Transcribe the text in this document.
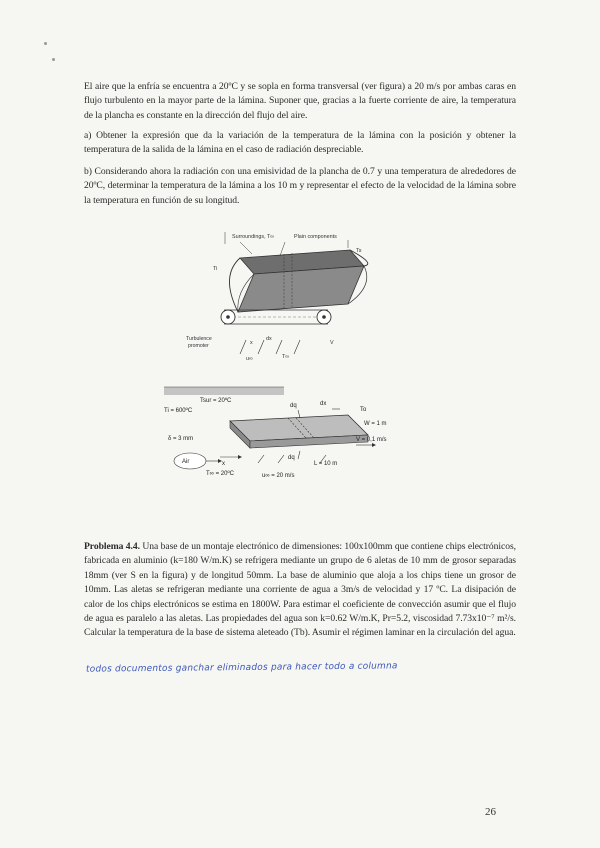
El aire que la enfría se encuentra a 20ºC y se sopla en forma transversal (ver figura) a 20 m/s por ambas caras en flujo turbulento en la mayor parte de la lámina. Suponer que, gracias a la fuerte corriente de aire, la temperatura de la plancha es constante en la dirección del flujo del aire.
a) Obtener la expresión que da la variación de la temperatura de la lámina con la posición y obtener la temperatura de la salida de la lámina en el caso de radiación despreciable.
b) Considerando ahora la radiación con una emisividad de la plancha de 0.7 y una temperatura de alrededores de 20ºC, determinar la temperatura de la lámina a los 10 m y representar el efecto de la velocidad de la lámina sobre la temperatura en función de su longitud.
Surroundings, T∞	Plain components
Ti
Ts
Turbulence
promoter
dx
x
u∞	T∞
V
Tsur = 20ºC
dq	dx
To
Ti = 600ºC
W = 1 m
δ = 3 mm	V = 0,1 m/s
Air	x
dq
L = 10 m
T∞ = 20ºC	u∞ = 20 m/s
Problema 4.4. Una base de un montaje electrónico de dimensiones: 100x100mm que contiene chips electrónicos, fabricada en aluminio (k=180 W/m.K) se refrigera mediante un grupo de 6 aletas de 10 mm de grosor separadas 18mm (ver S en la figura) y de longitud 50mm. La base de aluminio que aloja a los chips tiene un grosor de 10mm. Las aletas se refrigeran mediante una corriente de agua a 3m/s de velocidad y 17 ºC. La disipación de calor de los chips electrónicos se estima en 1800W. Para estimar el coeficiente de convección asumir que el flujo de agua es paralelo a las aletas. Las propiedades del agua son k=0.62 W/m.K, Pr=5.2, viscosidad 7.73x10⁻⁷ m²/s. Calcular la temperatura de la base de sistema aleteado (Tb). Asumir el régimen laminar en la circulación del agua.
todos documentos ganchar eliminados para hacer todo a columna
26
